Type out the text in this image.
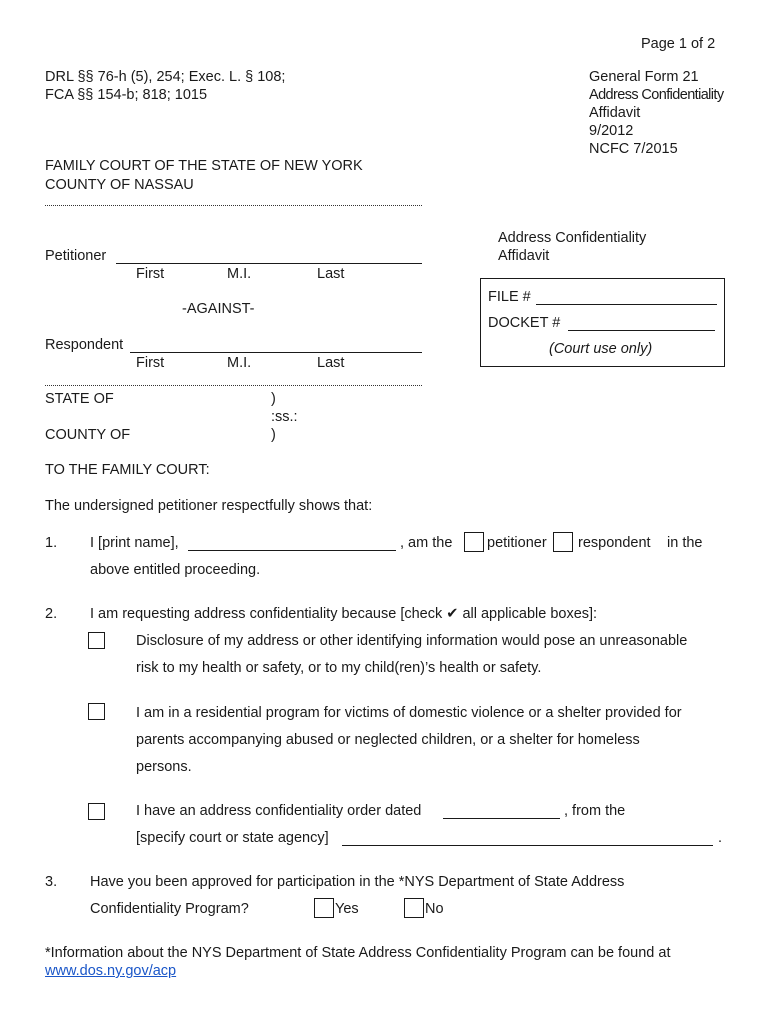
Page 1 of 2
DRL §§ 76-h (5), 254; Exec. L. § 108;
FCA §§ 154-b; 818; 1015
General Form 21
Address Confidentiality
Affidavit
9/2012
NCFC 7/2015
FAMILY COURT OF THE STATE OF NEW YORK
COUNTY OF NASSAU
Petitioner
First	M.I.	Last
-AGAINST-
Respondent
First	M.I.	Last
Address Confidentiality
Affidavit
FILE #
DOCKET #
(Court use only)
STATE OF	)
:ss.:
COUNTY OF	)
TO THE FAMILY COURT:
The undersigned petitioner respectfully shows that:
1. I [print name],	, am the petitioner respondent in the
above entitled proceeding.
2. I am requesting address confidentiality because [check ✔ all applicable boxes]:
Disclosure of my address or other identifying information would pose an unreasonable
risk to my health or safety, or to my child(ren)’s health or safety.
I am in a residential program for victims of domestic violence or a shelter provided for
parents accompanying abused or neglected children, or a shelter for homeless
persons.
I have an address confidentiality order dated	, from the
[specify court or state agency]	.
3. Have you been approved for participation in the *NYS Department of State Address
Confidentiality Program?	Yes	No
*Information about the NYS Department of State Address Confidentiality Program can be found at
www.dos.ny.gov/acp
